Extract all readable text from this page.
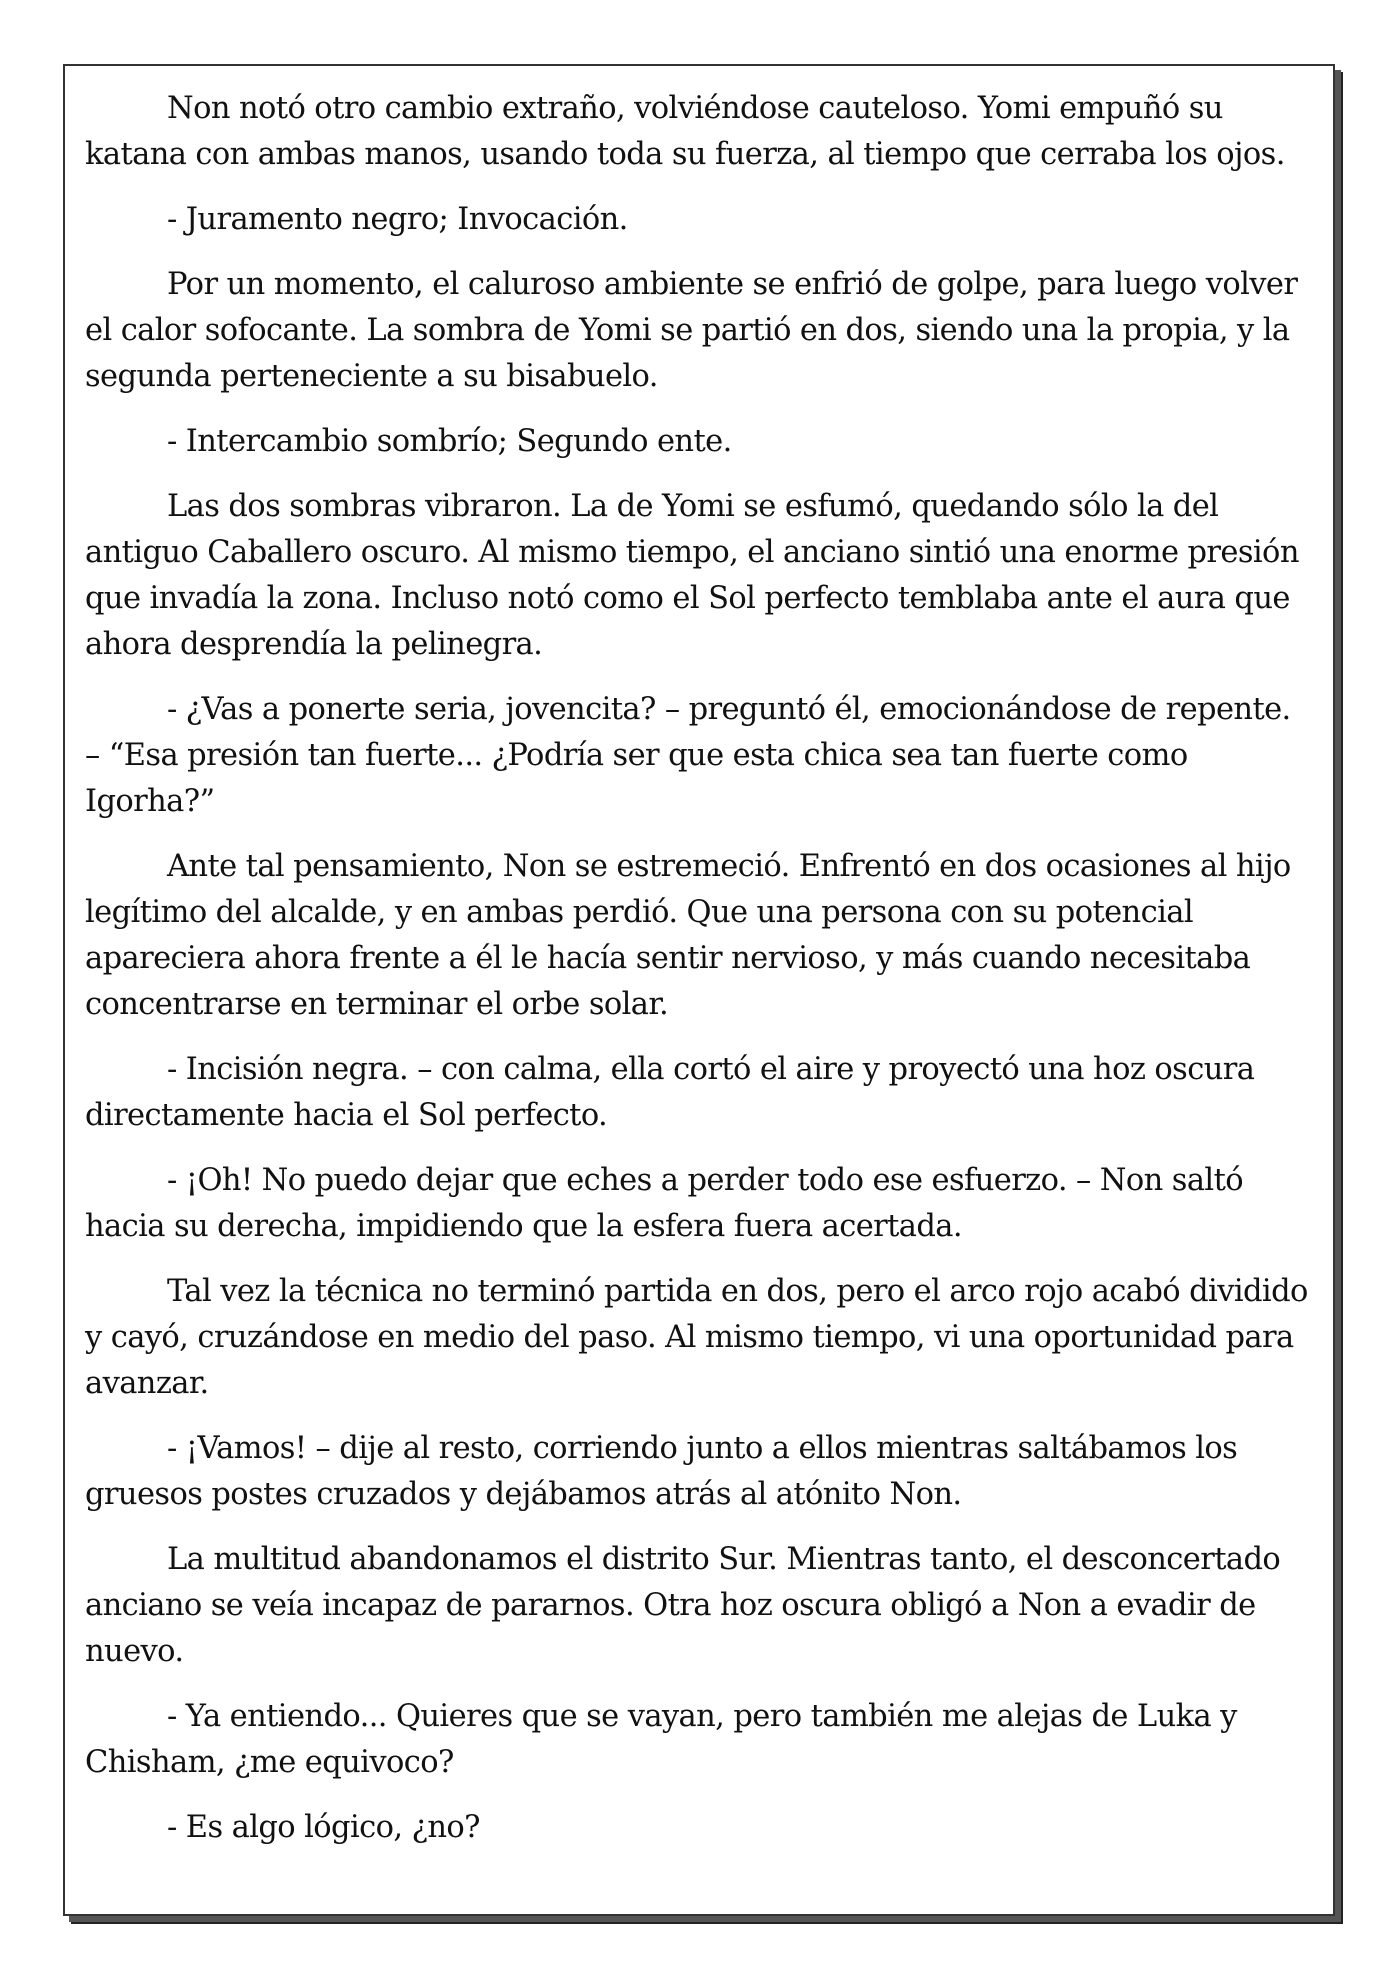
Non notó otro cambio extraño, volviéndose cauteloso. Yomi empuñó su katana con ambas manos, usando toda su fuerza, al tiempo que cerraba los ojos.

- Juramento negro; Invocación.

Por un momento, el caluroso ambiente se enfrió de golpe, para luego volver el calor sofocante. La sombra de Yomi se partió en dos, siendo una la propia, y la segunda perteneciente a su bisabuelo.

- Intercambio sombrío; Segundo ente.

Las dos sombras vibraron. La de Yomi se esfumó, quedando sólo la del antiguo Caballero oscuro. Al mismo tiempo, el anciano sintió una enorme presión que invadía la zona. Incluso notó como el Sol perfecto temblaba ante el aura que ahora desprendía la pelinegra.

- ¿Vas a ponerte seria, jovencita? – preguntó él, emocionándose de repente. – “Esa presión tan fuerte... ¿Podría ser que esta chica sea tan fuerte como Igorha?”

Ante tal pensamiento, Non se estremeció. Enfrentó en dos ocasiones al hijo legítimo del alcalde, y en ambas perdió. Que una persona con su potencial apareciera ahora frente a él le hacía sentir nervioso, y más cuando necesitaba concentrarse en terminar el orbe solar.

- Incisión negra. – con calma, ella cortó el aire y proyectó una hoz oscura directamente hacia el Sol perfecto.

- ¡Oh! No puedo dejar que eches a perder todo ese esfuerzo. – Non saltó hacia su derecha, impidiendo que la esfera fuera acertada.

Tal vez la técnica no terminó partida en dos, pero el arco rojo acabó dividido y cayó, cruzándose en medio del paso. Al mismo tiempo, vi una oportunidad para avanzar.

- ¡Vamos! – dije al resto, corriendo junto a ellos mientras saltábamos los gruesos postes cruzados y dejábamos atrás al atónito Non.

La multitud abandonamos el distrito Sur. Mientras tanto, el desconcertado anciano se veía incapaz de pararnos. Otra hoz oscura obligó a Non a evadir de nuevo.

- Ya entiendo... Quieres que se vayan, pero también me alejas de Luka y Chisham, ¿me equivoco?

- Es algo lógico, ¿no?
